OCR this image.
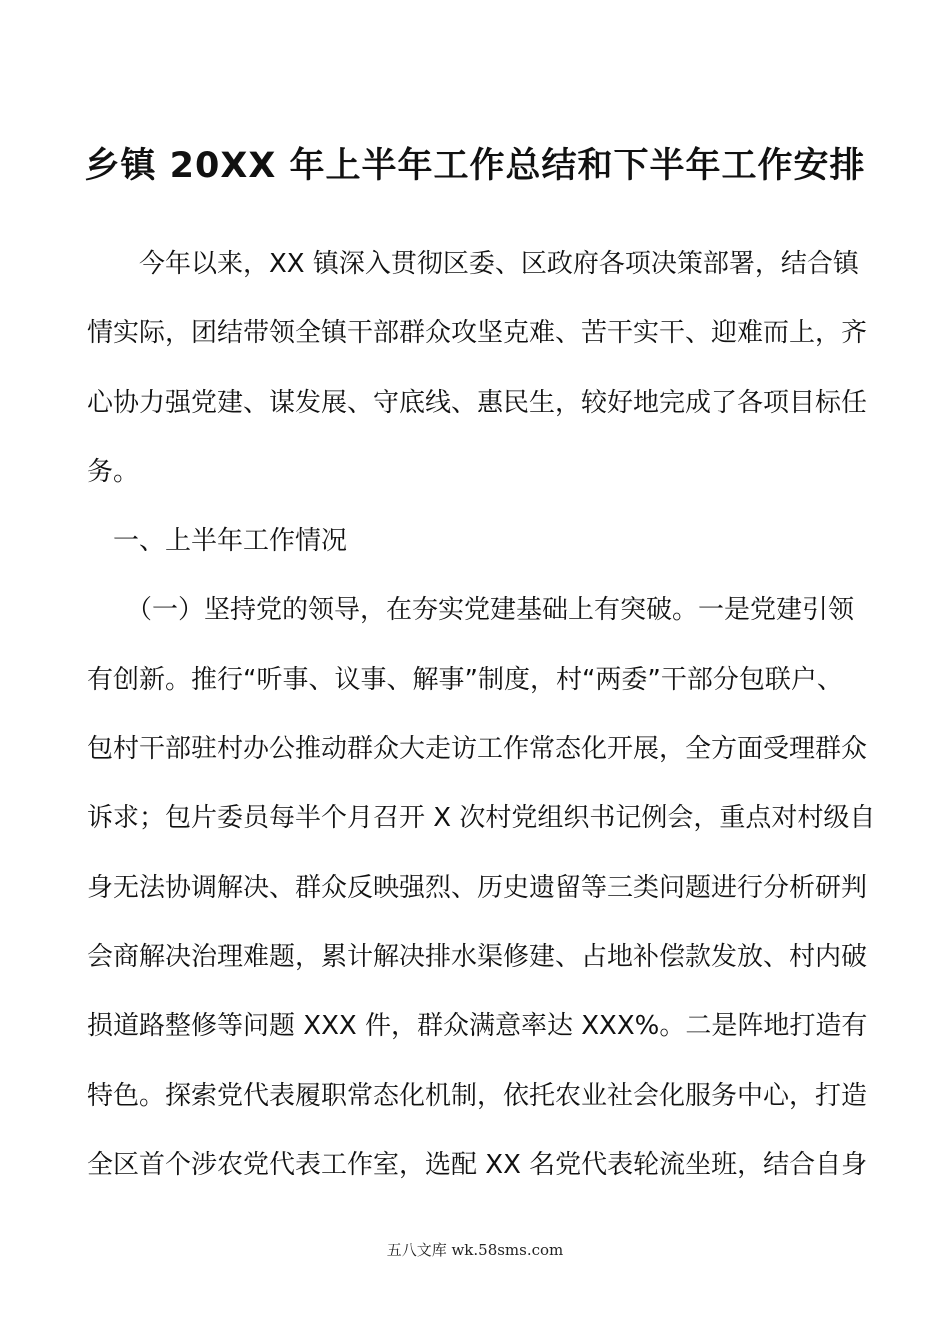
乡镇 20XX 年上半年工作总结和下半年工作安排
　　今年以来，XX 镇深入贯彻区委、区政府各项决策部署，结合镇
情实际，团结带领全镇干部群众攻坚克难、苦干实干、迎难而上，齐
心协力强党建、谋发展、守底线、惠民生，较好地完成了各项目标任
务。
　一、上半年工作情况
　　（一）坚持党的领导，在夯实党建基础上有突破。一是党建引领
有创新。推行“听事、议事、解事”制度，村“两委”干部分包联户、
包村干部驻村办公推动群众大走访工作常态化开展，全方面受理群众
诉求；包片委员每半个月召开 X 次村党组织书记例会，重点对村级自
身无法协调解决、群众反映强烈、历史遗留等三类问题进行分析研判
会商解决治理难题，累计解决排水渠修建、占地补偿款发放、村内破
损道路整修等问题 XXX 件，群众满意率达 XXX%。二是阵地打造有
特色。探索党代表履职常态化机制，依托农业社会化服务中心，打造
全区首个涉农党代表工作室，选配 XX 名党代表轮流坐班，结合自身
五八文库 wk.58sms.com
